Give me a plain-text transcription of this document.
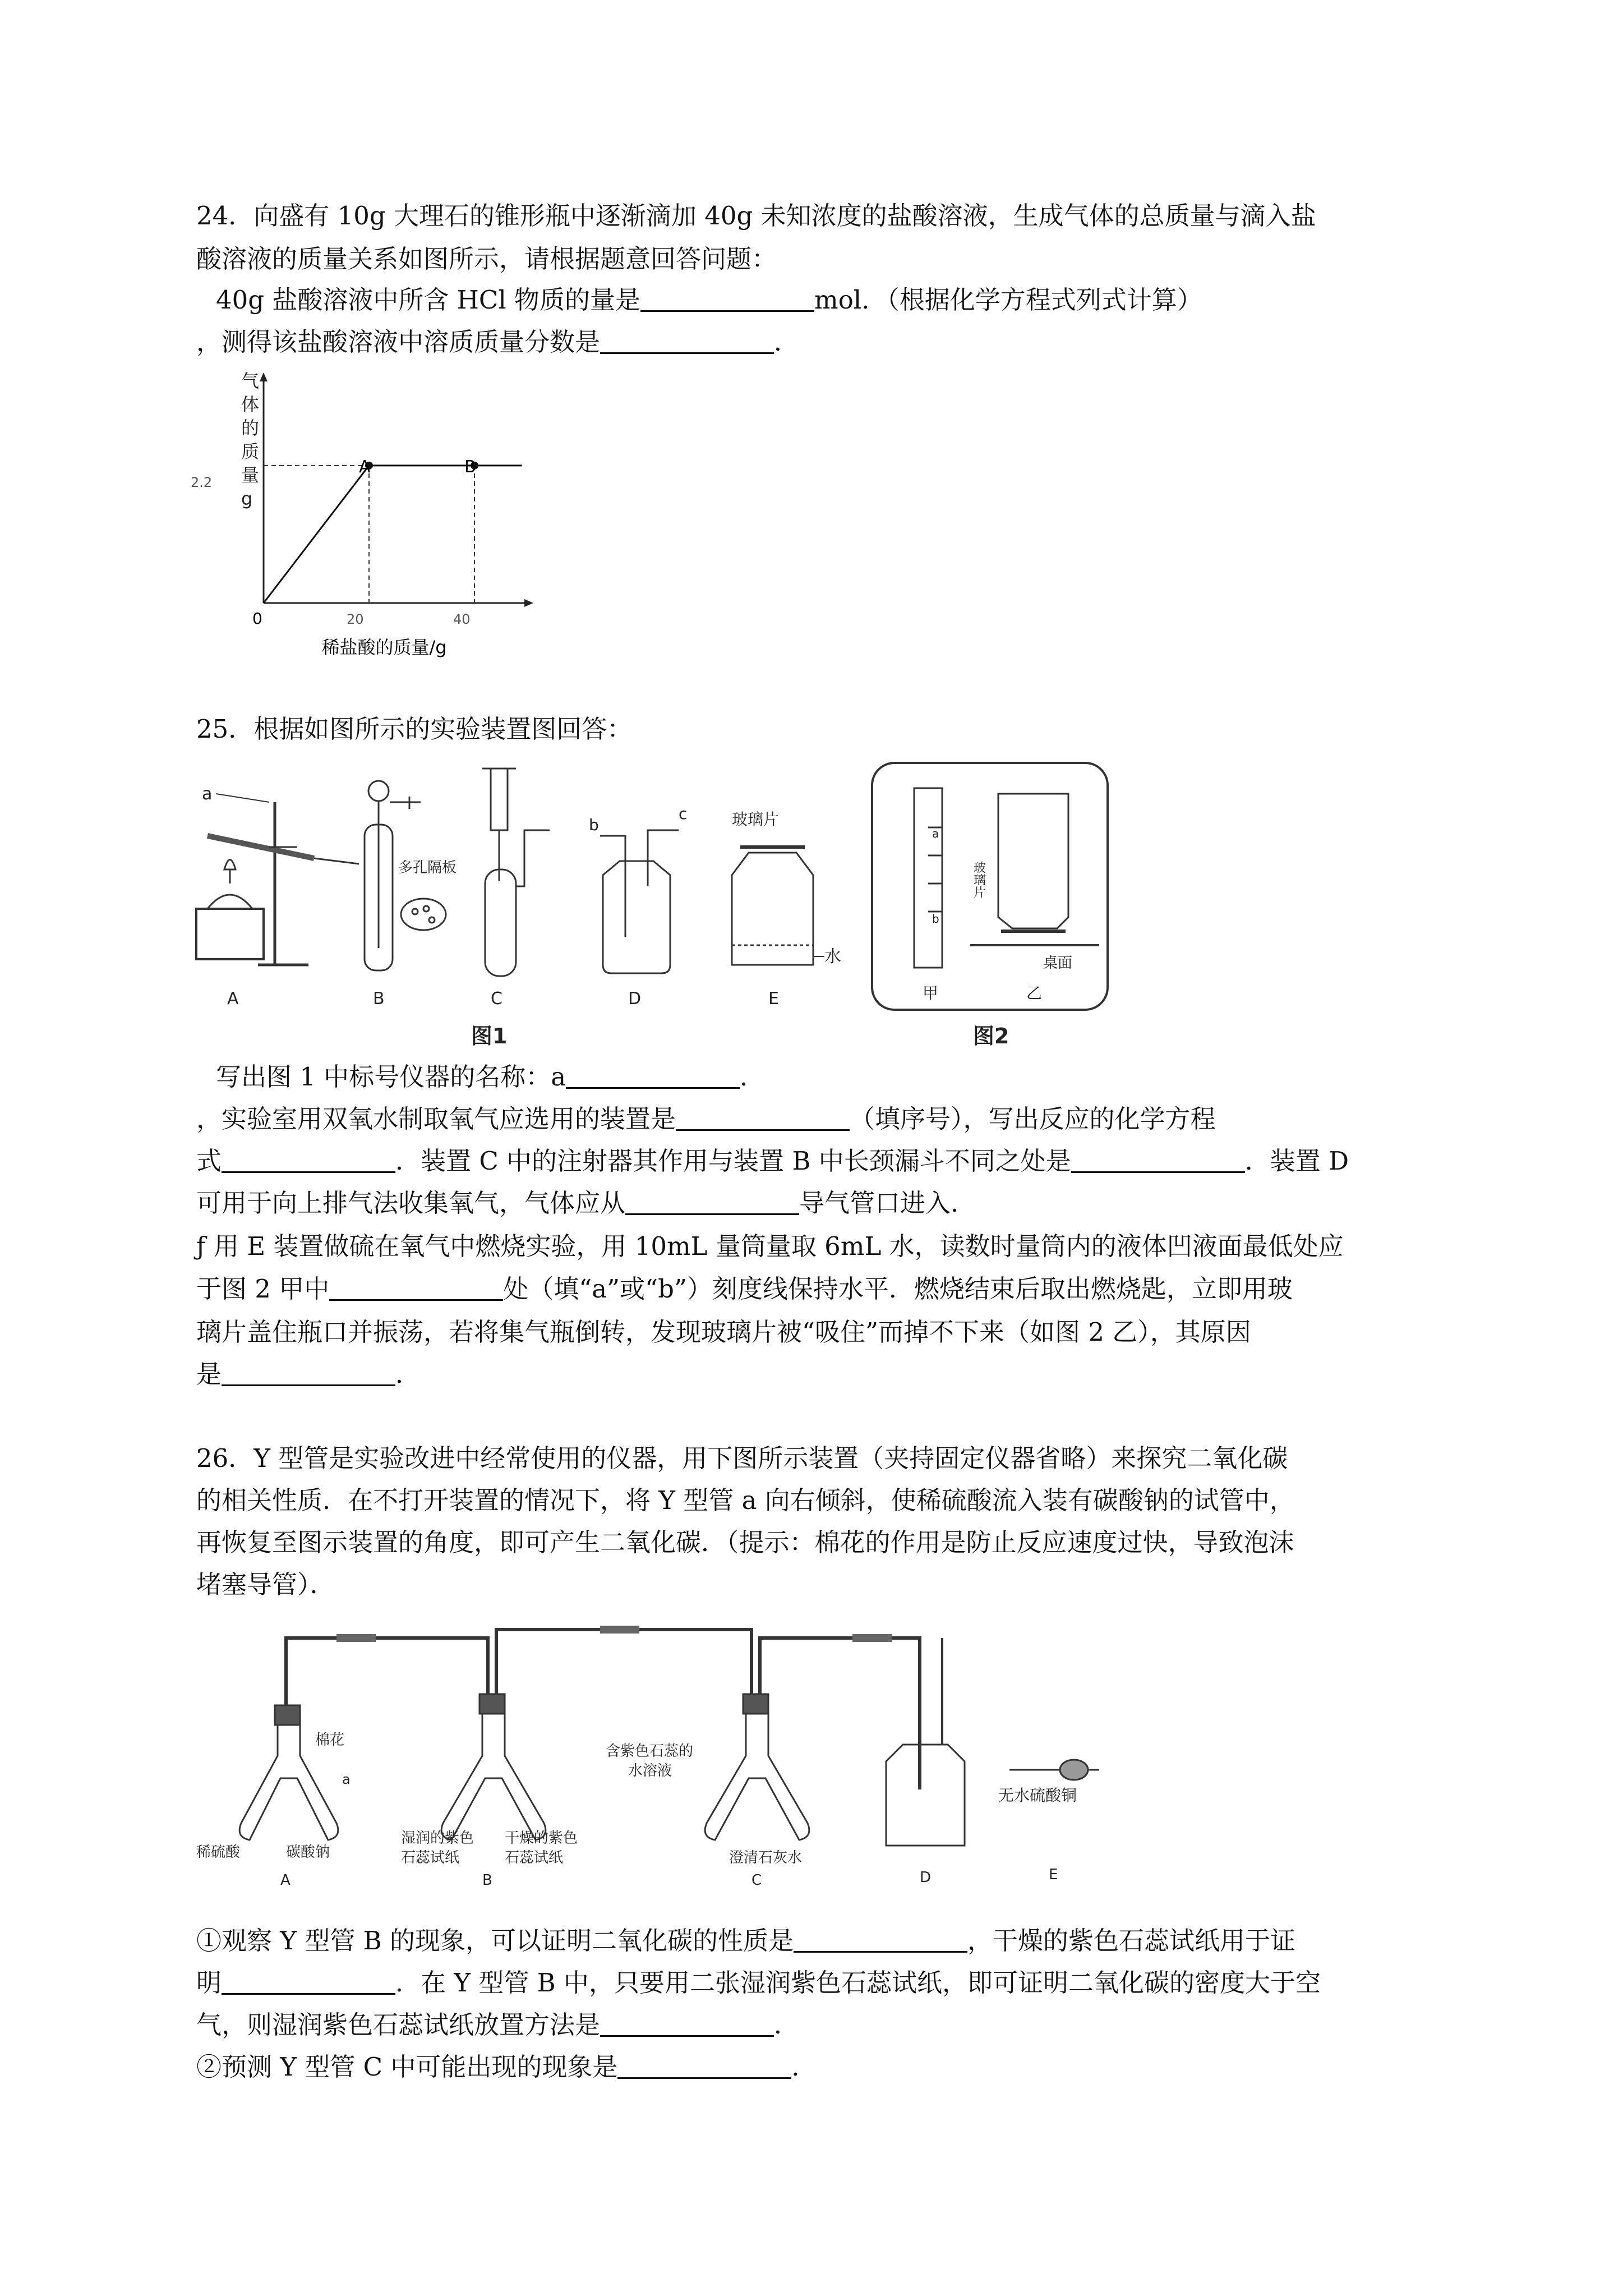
24．向盛有 10g 大理石的锥形瓶中逐渐滴加 40g 未知浓度的盐酸溶液，生成气体的总质量与滴入盐
酸溶液的质量关系如图所示，请根据题意回答问题：
40g 盐酸溶液中所含 HCl 物质的量是	mol．（根据化学方程式列式计算）
，测得该盐酸溶液中溶质质量分数是	．
气
体
的
质
量
g
0
2.2
20	40
A	B
稀盐酸的质量/g
25．根据如图所示的实验装置图回答：
a
A
多孔隔板
B	C
b
c
D
玻璃片
水
E
图1
a
b
玻璃片
桌面
甲	乙
图2
写出图 1 中标号仪器的名称：a	．
，实验室用双氧水制取氧气应选用的装置是	（填序号），写出反应的化学方程
式	．装置 C 中的注射器其作用与装置 B 中长颈漏斗不同之处是	．装置 D
可用于向上排气法收集氧气，气体应从	导气管口进入．
ƒ 用 E 装置做硫在氧气中燃烧实验，用 10mL 量筒量取 6mL 水，读数时量筒内的液体凹液面最低处应
于图 2 甲中	处（填“a”或“b”）刻度线保持水平．燃烧结束后取出燃烧匙，立即用玻
璃片盖住瓶口并振荡，若将集气瓶倒转，发现玻璃片被“吸住”而掉不下来（如图 2 乙），其原因
是	．
26．Y 型管是实验改进中经常使用的仪器，用下图所示装置（夹持固定仪器省略）来探究二氧化碳
的相关性质．在不打开装置的情况下，将 Y 型管 a 向右倾斜，使稀硫酸流入装有碳酸钠的试管中，
再恢复至图示装置的角度，即可产生二氧化碳．（提示：棉花的作用是防止反应速度过快，导致泡沫
堵塞导管）．
棉花
a
稀硫酸	碳酸钠
A
湿润的紫色
石蕊试纸
干燥的紫色
石蕊试纸
B
含紫色石蕊的
水溶液
澄清石灰水
C	D
无水硫酸铜
E
①观察 Y 型管 B 的现象，可以证明二氧化碳的性质是	，干燥的紫色石蕊试纸用于证
明	．在 Y 型管 B 中，只要用二张湿润紫色石蕊试纸，即可证明二氧化碳的密度大于空
气，则湿润紫色石蕊试纸放置方法是	．
②预测 Y 型管 C 中可能出现的现象是	．
